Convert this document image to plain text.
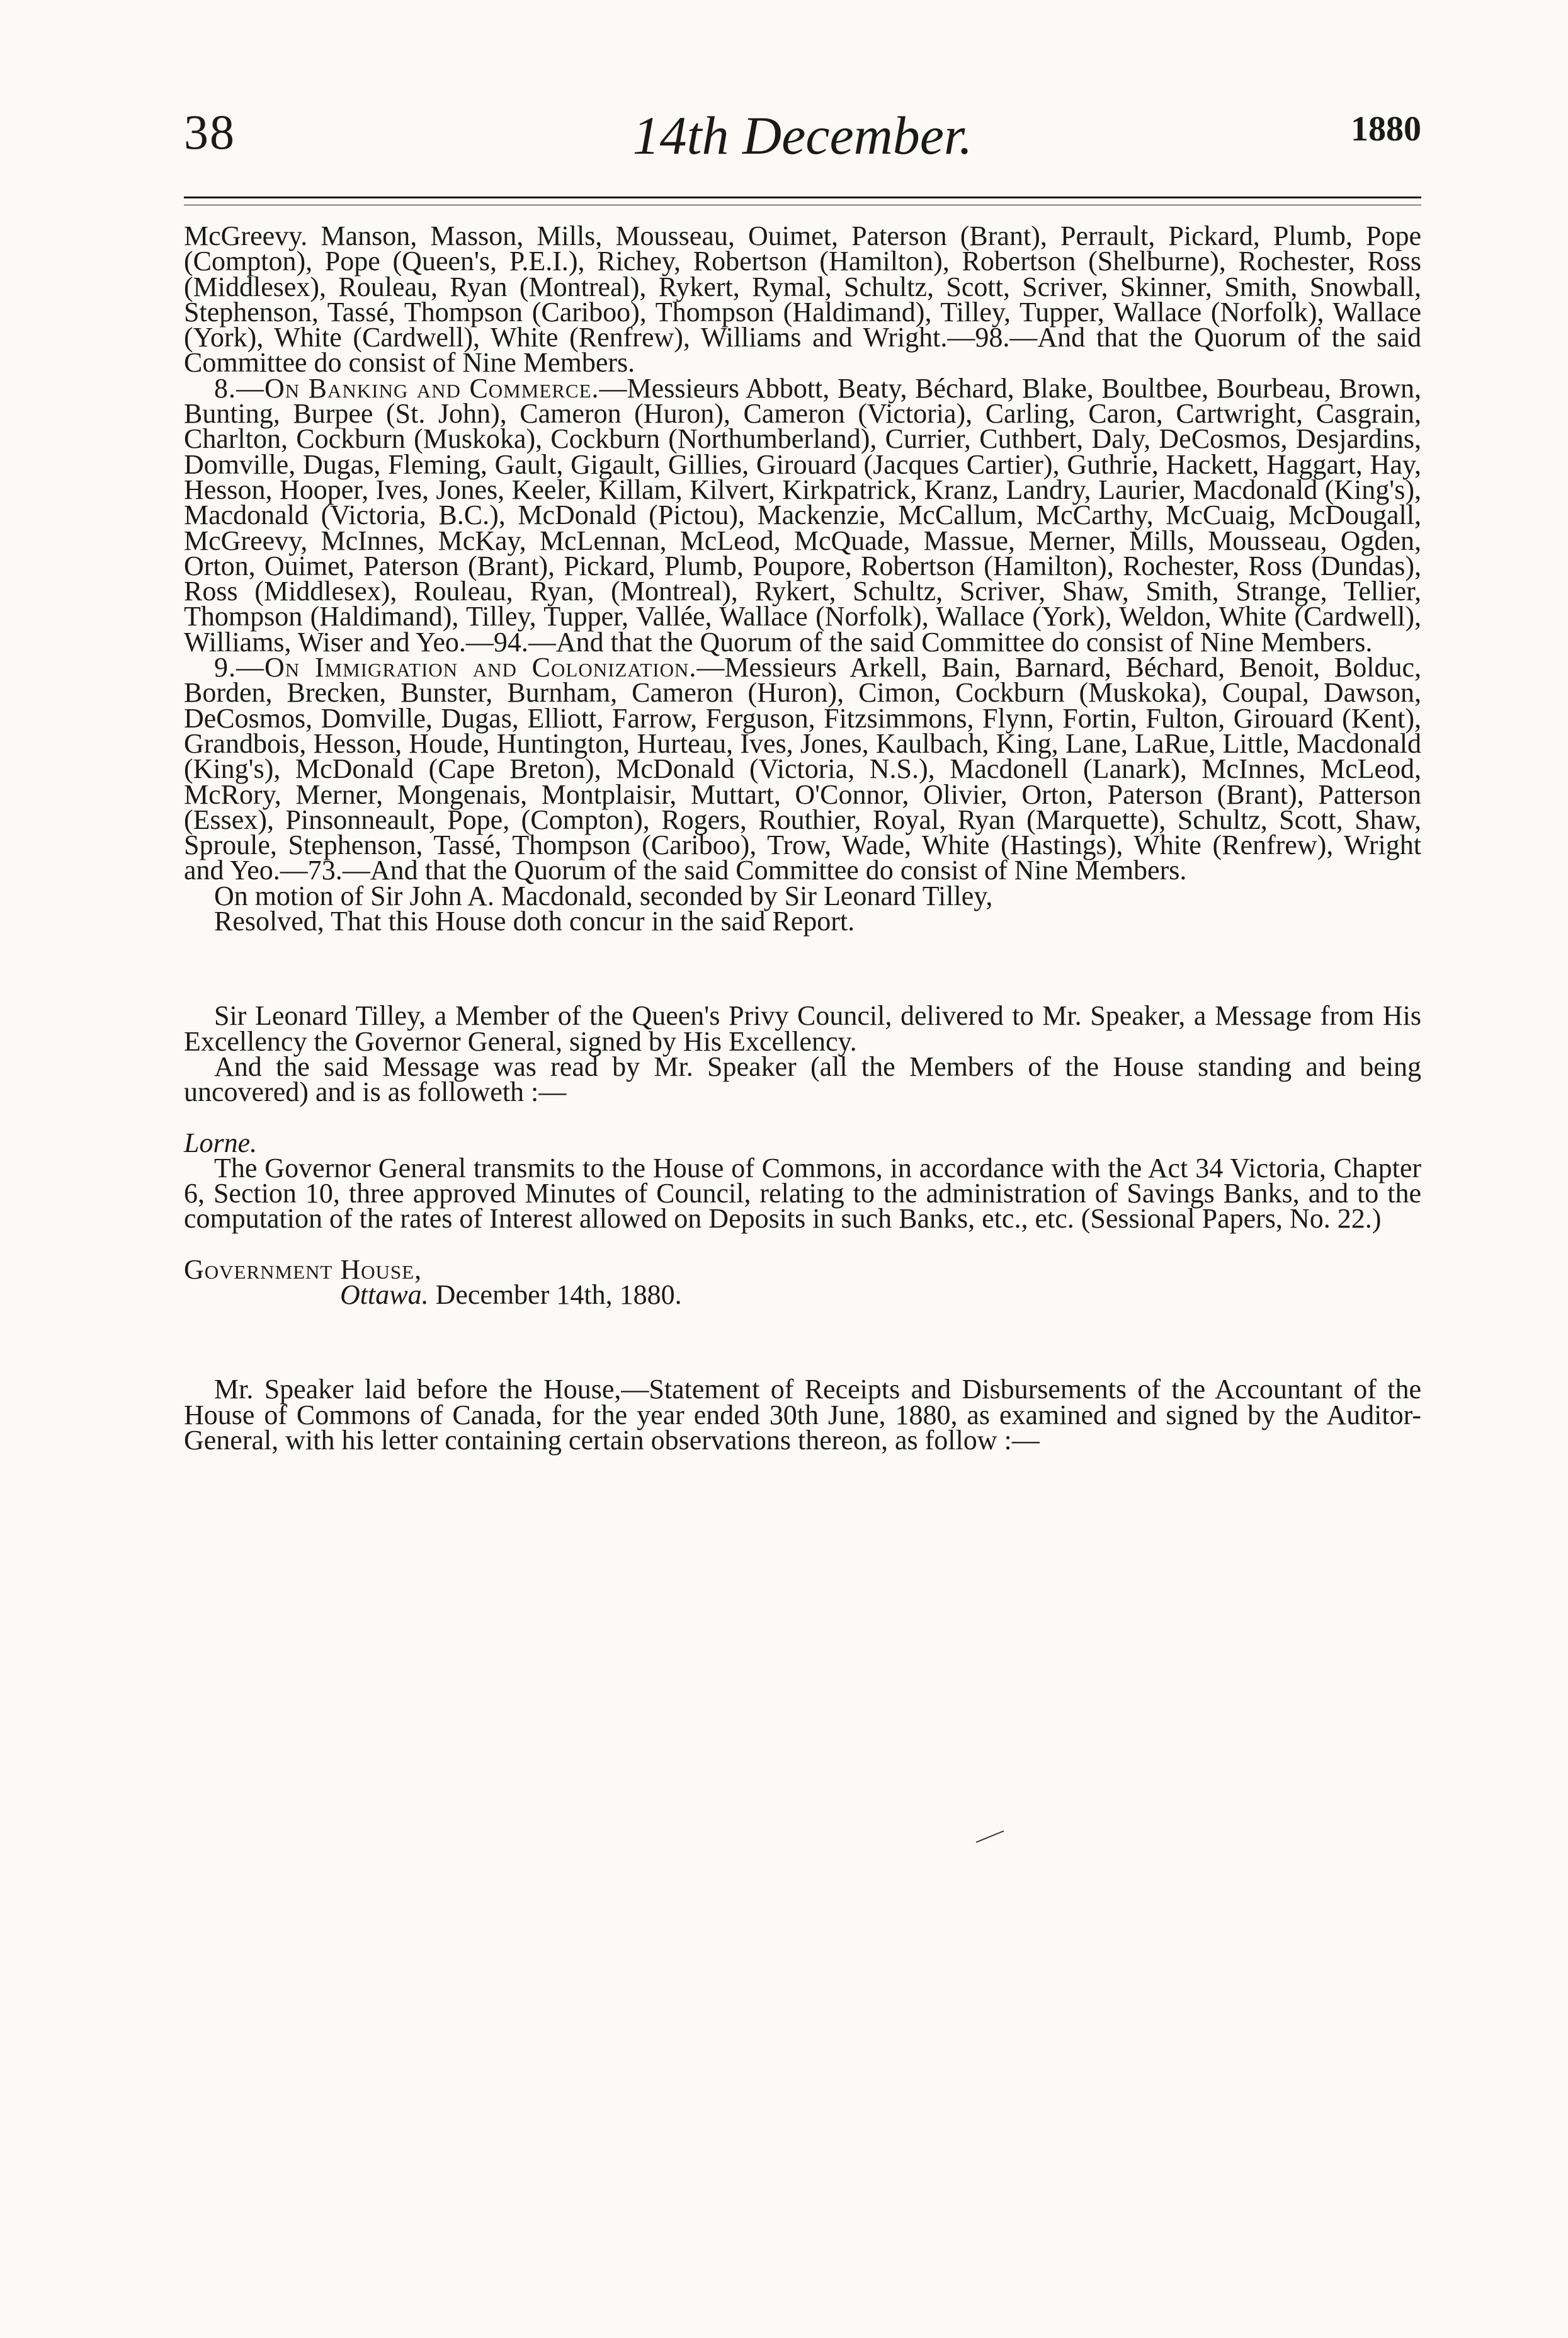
38	14th December.	1880

McGreevy. Manson, Masson, Mills, Mousseau, Ouimet, Paterson (Brant), Perrault, Pickard, Plumb, Pope (Compton), Pope (Queen's, P.E.I.), Richey, Robertson (Hamilton), Robertson (Shelburne), Rochester, Ross (Middlesex), Rouleau, Ryan (Montreal), Rykert, Rymal, Schultz, Scott, Scriver, Skinner, Smith, Snowball, Stephenson, Tassé, Thompson (Cariboo), Thompson (Haldimand), Tilley, Tupper, Wallace (Norfolk), Wallace (York), White (Cardwell), White (Renfrew), Williams and Wright.—98.—And that the Quorum of the said Committee do consist of Nine Members.

8.—On Banking and Commerce.—Messieurs Abbott, Beaty, Béchard, Blake, Boultbee, Bourbeau, Brown, Bunting, Burpee (St. John), Cameron (Huron), Cameron (Victoria), Carling, Caron, Cartwright, Casgrain, Charlton, Cockburn (Muskoka), Cockburn (Northumberland), Currier, Cuthbert, Daly, DeCosmos, Desjardins, Domville, Dugas, Fleming, Gault, Gigault, Gillies, Girouard (Jacques Cartier), Guthrie, Hackett, Haggart, Hay, Hesson, Hooper, Ives, Jones, Keeler, Killam, Kilvert, Kirkpatrick, Kranz, Landry, Laurier, Macdonald (King's), Macdonald (Victoria, B.C.), McDonald (Pictou), Mackenzie, McCallum, McCarthy, McCuaig, McDougall, McGreevy, McInnes, McKay, McLennan, McLeod, McQuade, Massue, Merner, Mills, Mousseau, Ogden, Orton, Ouimet, Paterson (Brant), Pickard, Plumb, Poupore, Robertson (Hamilton), Rochester, Ross (Dundas), Ross (Middlesex), Rouleau, Ryan, (Montreal), Rykert, Schultz, Scriver, Shaw, Smith, Strange, Tellier, Thompson (Haldimand), Tilley, Tupper, Vallée, Wallace (Norfolk), Wallace (York), Weldon, White (Cardwell), Williams, Wiser and Yeo.—94.—And that the Quorum of the said Committee do consist of Nine Members.

9.—On Immigration and Colonization.—Messieurs Arkell, Bain, Barnard, Béchard, Benoit, Bolduc, Borden, Brecken, Bunster, Burnham, Cameron (Huron), Cimon, Cockburn (Muskoka), Coupal, Dawson, DeCosmos, Domville, Dugas, Elliott, Farrow, Ferguson, Fitzsimmons, Flynn, Fortin, Fulton, Girouard (Kent), Grandbois, Hesson, Houde, Huntington, Hurteau, Ives, Jones, Kaulbach, King, Lane, LaRue, Little, Macdonald (King's), McDonald (Cape Breton), McDonald (Victoria, N.S.), Macdonell (Lanark), McInnes, McLeod, McRory, Merner, Mongenais, Montplaisir, Muttart, O'Connor, Olivier, Orton, Paterson (Brant), Patterson (Essex), Pinsonneault, Pope, (Compton), Rogers, Routhier, Royal, Ryan (Marquette), Schultz, Scott, Shaw, Sproule, Stephenson, Tassé, Thompson (Cariboo), Trow, Wade, White (Hastings), White (Renfrew), Wright and Yeo.—73.—And that the Quorum of the said Committee do consist of Nine Members.

On motion of Sir John A. Macdonald, seconded by Sir Leonard Tilley,

Resolved, That this House doth concur in the said Report.

Sir Leonard Tilley, a Member of the Queen's Privy Council, delivered to Mr. Speaker, a Message from His Excellency the Governor General, signed by His Excellency.

And the said Message was read by Mr. Speaker (all the Members of the House standing and being uncovered) and is as followeth :—

Lorne.

The Governor General transmits to the House of Commons, in accordance with the Act 34 Victoria, Chapter 6, Section 10, three approved Minutes of Council, relating to the administration of Savings Banks, and to the computation of the rates of Interest allowed on Deposits in such Banks, etc., etc. (Sessional Papers, No. 22.)

Government House,

Ottawa. December 14th, 1880.

Mr. Speaker laid before the House,—Statement of Receipts and Disbursements of the Accountant of the House of Commons of Canada, for the year ended 30th June, 1880, as examined and signed by the Auditor-General, with his letter containing certain observations thereon, as follow :—
